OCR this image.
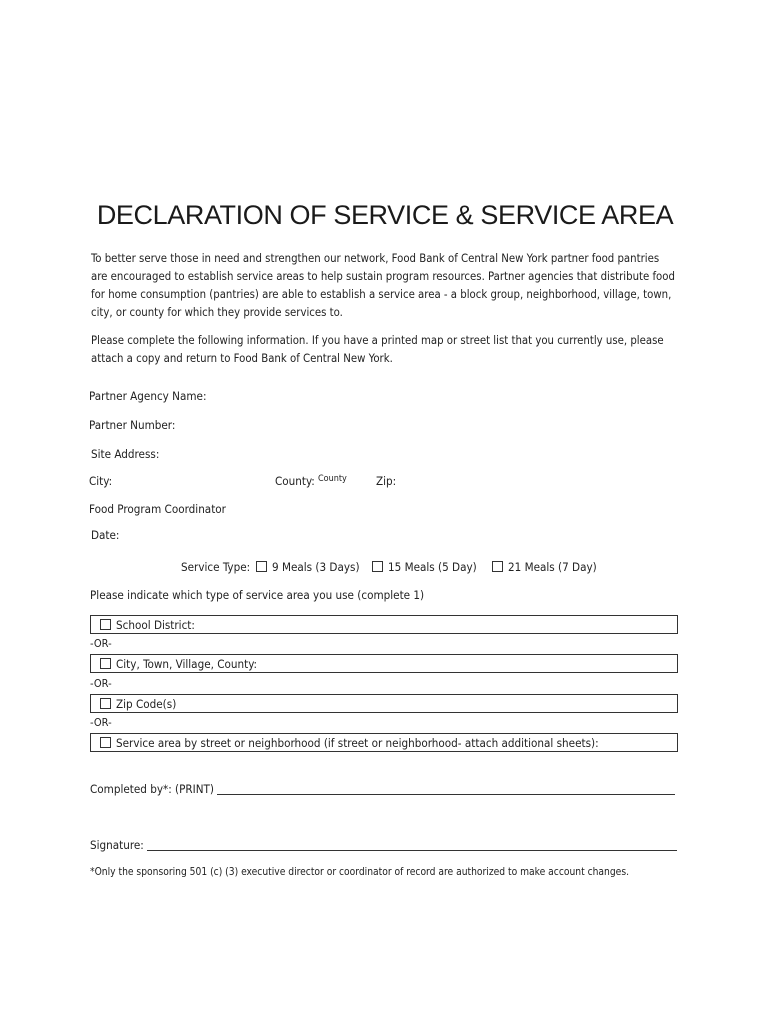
DECLARATION OF SERVICE & SERVICE AREA
To better serve those in need and strengthen our network, Food Bank of Central New York partner food pantries
are encouraged to establish service areas to help sustain program resources. Partner agencies that distribute food
for home consumption (pantries) are able to establish a service area - a block group, neighborhood, village, town,
city, or county for which they provide services to.
Please complete the following information. If you have a printed map or street list that you currently use, please
attach a copy and return to Food Bank of Central New York.
Partner Agency Name:
Partner Number:
Site Address:
City:	County: County	Zip:
Food Program Coordinator
Date:
Service Type:	9 Meals (3 Days)	15 Meals (5 Day)	21 Meals (7 Day)
Please indicate which type of service area you use (complete 1)
School District:
-OR-
City, Town, Village, County:
-OR-
Zip Code(s)
-OR-
Service area by street or neighborhood (if street or neighborhood- attach additional sheets):
Completed by*: (PRINT)
Signature:
*Only the sponsoring 501 (c) (3) executive director or coordinator of record are authorized to make account changes.
